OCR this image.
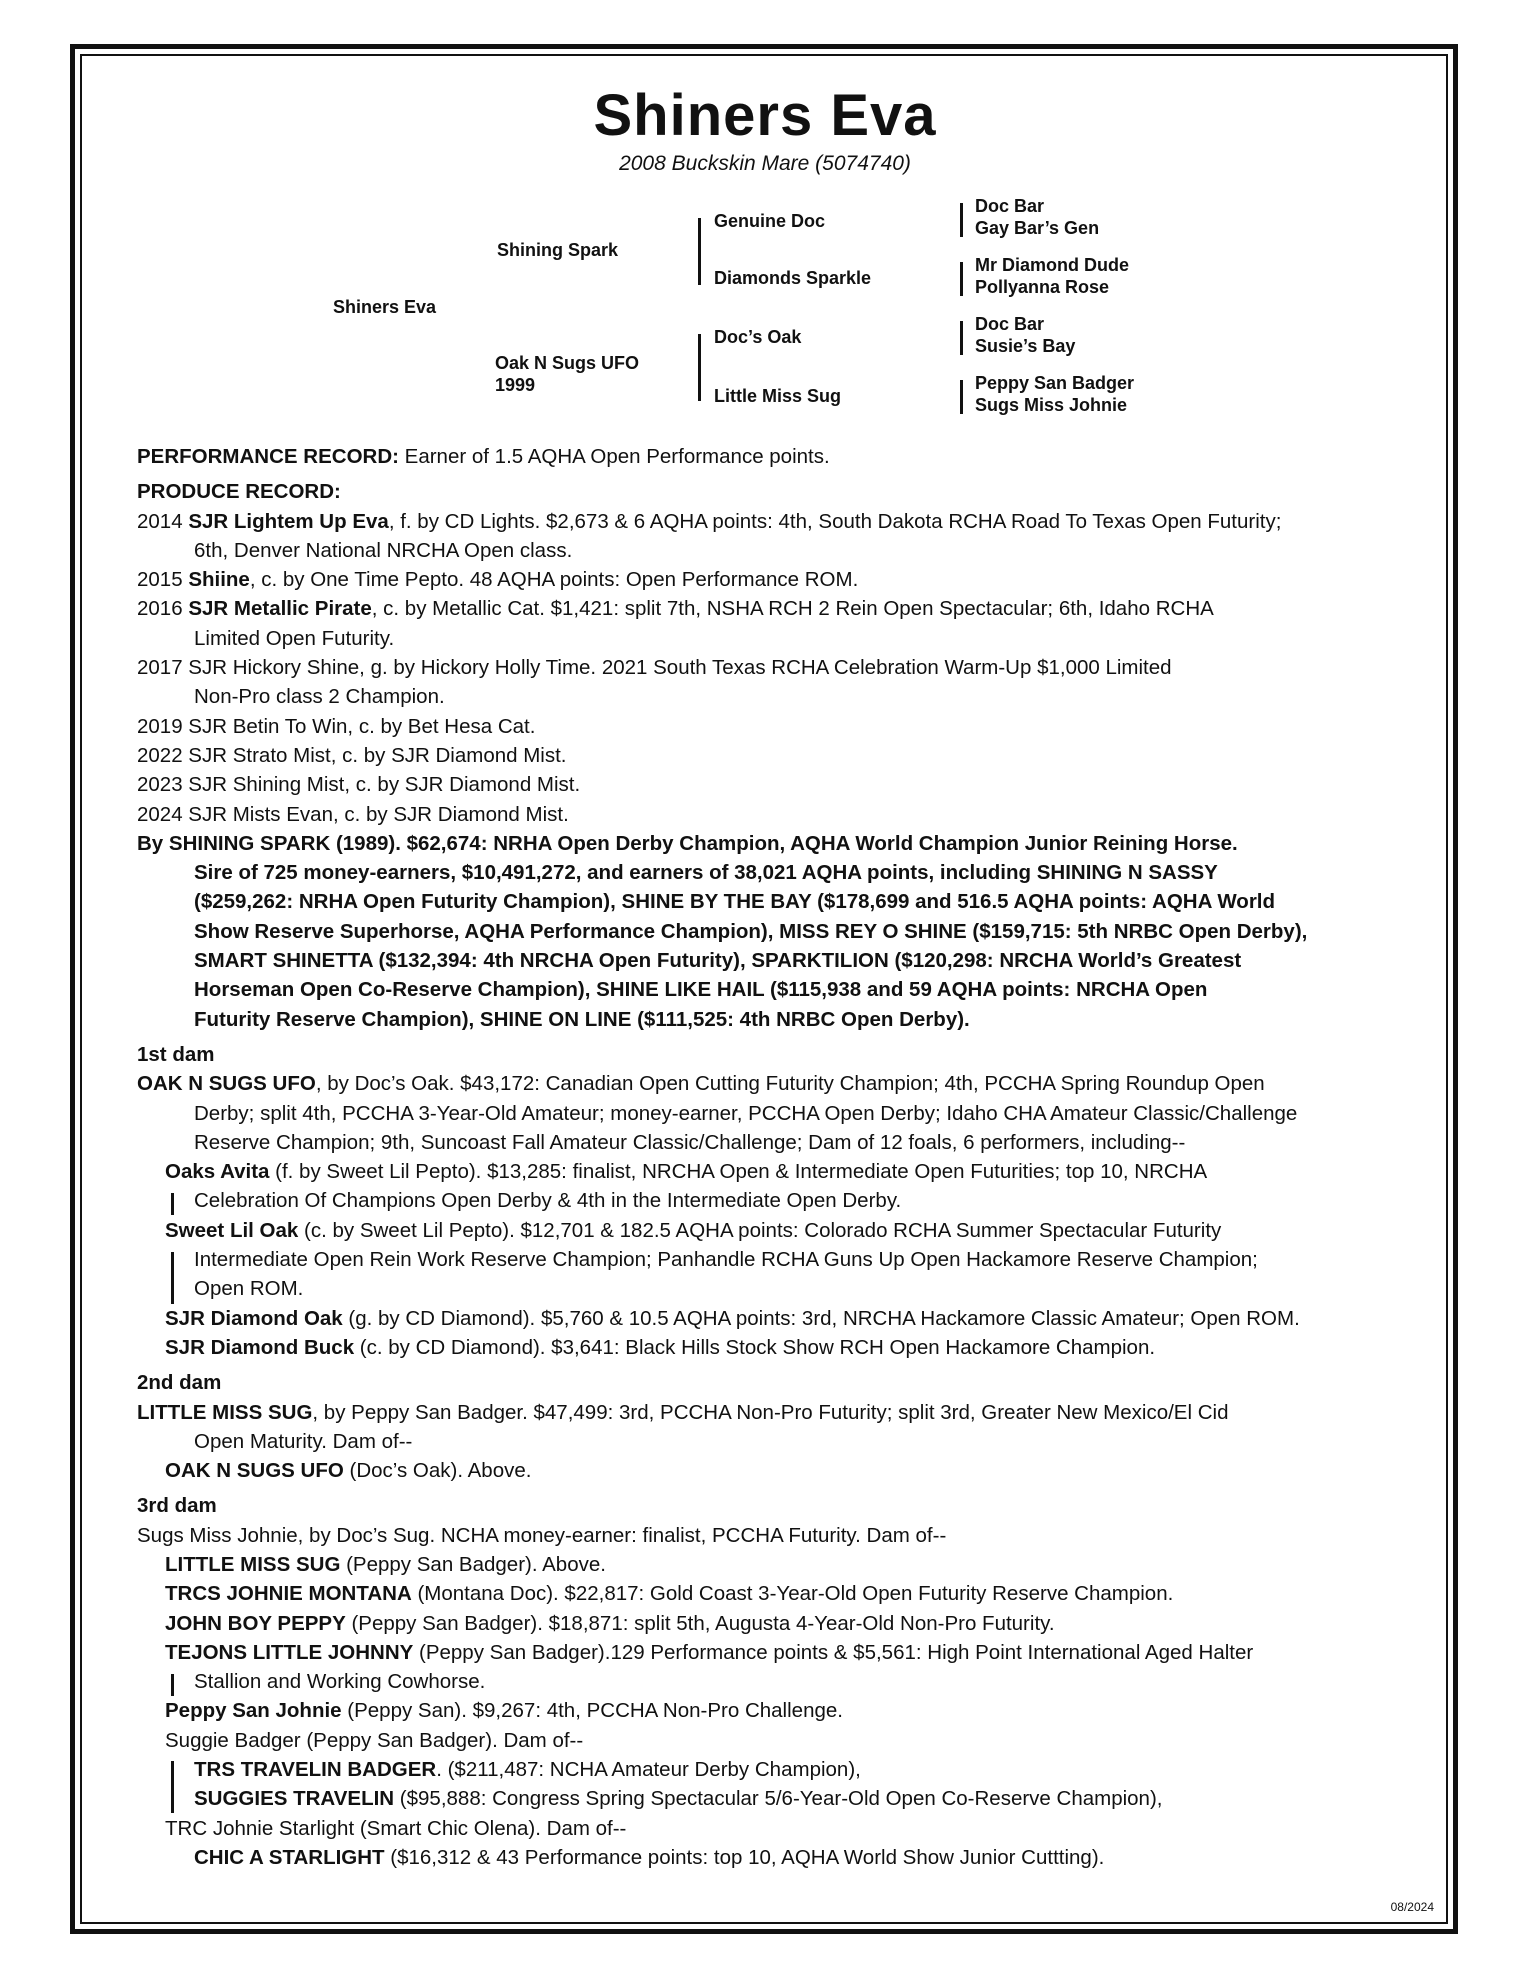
Shiners Eva
2008 Buckskin Mare (5074740)
Shiners Eva
Shining Spark
Oak N Sugs UFO
1999
Genuine Doc
Diamonds Sparkle
Doc’s Oak
Little Miss Sug
Doc Bar
Gay Bar’s Gen
Mr Diamond Dude
Pollyanna Rose
Doc Bar
Susie’s Bay
Peppy San Badger
Sugs Miss Johnie
PERFORMANCE RECORD: Earner of 1.5 AQHA Open Performance points.
PRODUCE RECORD:
2014 SJR Lightem Up Eva, f. by CD Lights. $2,673 & 6 AQHA points: 4th, South Dakota RCHA Road To Texas Open Futurity;
6th, Denver National NRCHA Open class.
2015 Shiine, c. by One Time Pepto. 48 AQHA points: Open Performance ROM.
2016 SJR Metallic Pirate, c. by Metallic Cat. $1,421: split 7th, NSHA RCH 2 Rein Open Spectacular; 6th, Idaho RCHA
Limited Open Futurity.
2017 SJR Hickory Shine, g. by Hickory Holly Time. 2021 South Texas RCHA Celebration Warm-Up $1,000 Limited
Non-Pro class 2 Champion.
2019 SJR Betin To Win, c. by Bet Hesa Cat.
2022 SJR Strato Mist, c. by SJR Diamond Mist.
2023 SJR Shining Mist, c. by SJR Diamond Mist.
2024 SJR Mists Evan, c. by SJR Diamond Mist.
By SHINING SPARK (1989). $62,674: NRHA Open Derby Champion, AQHA World Champion Junior Reining Horse.
Sire of 725 money-earners, $10,491,272, and earners of 38,021 AQHA points, including SHINING N SASSY
($259,262: NRHA Open Futurity Champion), SHINE BY THE BAY ($178,699 and 516.5 AQHA points: AQHA World
Show Reserve Superhorse, AQHA Performance Champion), MISS REY O SHINE ($159,715: 5th NRBC Open Derby),
SMART SHINETTA ($132,394: 4th NRCHA Open Futurity), SPARKTILION ($120,298: NRCHA World’s Greatest
Horseman Open Co-Reserve Champion), SHINE LIKE HAIL ($115,938 and 59 AQHA points: NRCHA Open
Futurity Reserve Champion), SHINE ON LINE ($111,525: 4th NRBC Open Derby).
1st dam
OAK N SUGS UFO, by Doc’s Oak. $43,172: Canadian Open Cutting Futurity Champion; 4th, PCCHA Spring Roundup Open
Derby; split 4th, PCCHA 3-Year-Old Amateur; money-earner, PCCHA Open Derby; Idaho CHA Amateur Classic/Challenge
Reserve Champion; 9th, Suncoast Fall Amateur Classic/Challenge; Dam of 12 foals, 6 performers, including--
Oaks Avita (f. by Sweet Lil Pepto). $13,285: finalist, NRCHA Open & Intermediate Open Futurities; top 10, NRCHA
Celebration Of Champions Open Derby & 4th in the Intermediate Open Derby.
Sweet Lil Oak (c. by Sweet Lil Pepto). $12,701 & 182.5 AQHA points: Colorado RCHA Summer Spectacular Futurity
Intermediate Open Rein Work Reserve Champion; Panhandle RCHA Guns Up Open Hackamore Reserve Champion;
Open ROM.
SJR Diamond Oak (g. by CD Diamond). $5,760 & 10.5 AQHA points: 3rd, NRCHA Hackamore Classic Amateur; Open ROM.
SJR Diamond Buck (c. by CD Diamond). $3,641: Black Hills Stock Show RCH Open Hackamore Champion.
2nd dam
LITTLE MISS SUG, by Peppy San Badger. $47,499: 3rd, PCCHA Non-Pro Futurity; split 3rd, Greater New Mexico/El Cid
Open Maturity. Dam of--
OAK N SUGS UFO (Doc’s Oak). Above.
3rd dam
Sugs Miss Johnie, by Doc’s Sug. NCHA money-earner: finalist, PCCHA Futurity. Dam of--
LITTLE MISS SUG (Peppy San Badger). Above.
TRCS JOHNIE MONTANA (Montana Doc). $22,817: Gold Coast 3-Year-Old Open Futurity Reserve Champion.
JOHN BOY PEPPY (Peppy San Badger). $18,871: split 5th, Augusta 4-Year-Old Non-Pro Futurity.
TEJONS LITTLE JOHNNY (Peppy San Badger).129 Performance points & $5,561: High Point International Aged Halter
Stallion and Working Cowhorse.
Peppy San Johnie (Peppy San). $9,267: 4th, PCCHA Non-Pro Challenge.
Suggie Badger (Peppy San Badger). Dam of--
TRS TRAVELIN BADGER. ($211,487: NCHA Amateur Derby Champion),
SUGGIES TRAVELIN ($95,888: Congress Spring Spectacular 5/6-Year-Old Open Co-Reserve Champion),
TRC Johnie Starlight (Smart Chic Olena). Dam of--
CHIC A STARLIGHT ($16,312 & 43 Performance points: top 10, AQHA World Show Junior Cuttting).
08/2024
